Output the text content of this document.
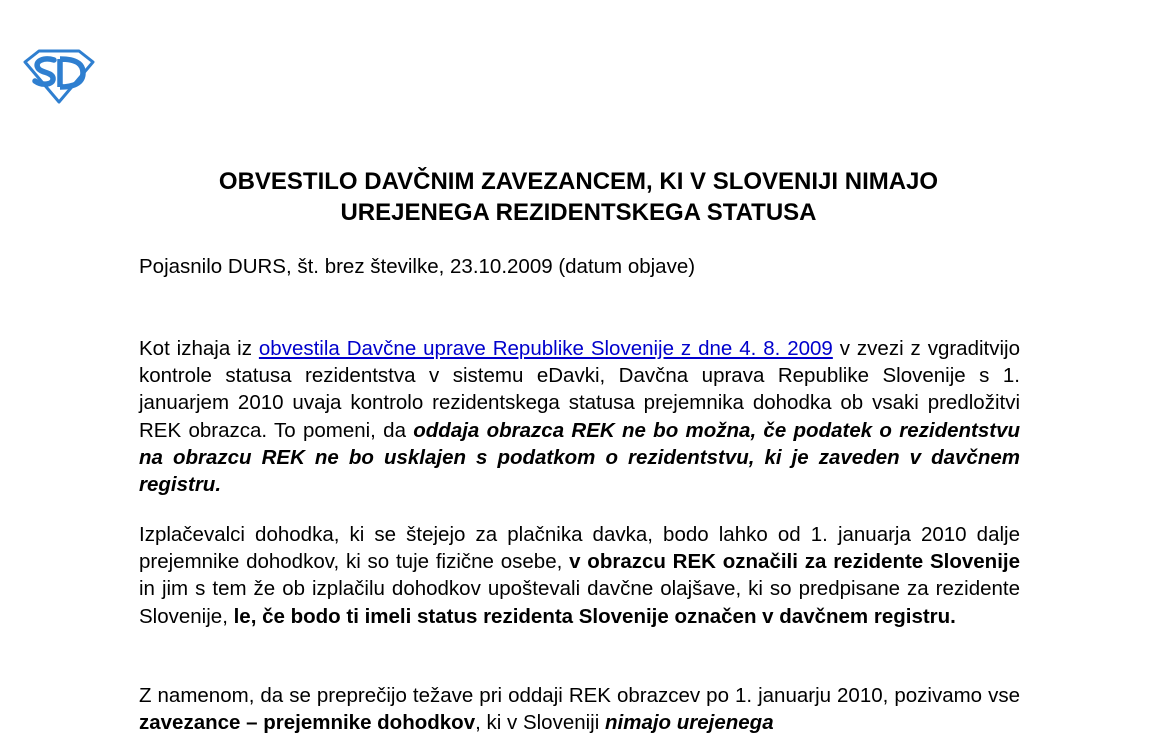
OBVESTILO DAVČNIM ZAVEZANCEM, KI V SLOVENIJI NIMAJO
UREJENEGA REZIDENTSKEGA STATUSA

Pojasnilo DURS, št. brez številke, 23.10.2009 (datum objave)

Kot izhaja iz obvestila Davčne uprave Republike Slovenije z dne 4. 8. 2009 v zvezi z vgraditvijo kontrole statusa rezidentstva v sistemu eDavki, Davčna uprava Republike Slovenije s 1. januarjem 2010 uvaja kontrolo rezidentskega statusa prejemnika dohodka ob vsaki predložitvi REK obrazca. To pomeni, da oddaja obrazca REK ne bo možna, če podatek o rezidentstvu na obrazcu REK ne bo usklajen s podatkom o rezidentstvu, ki je zaveden v davčnem registru.

Izplačevalci dohodka, ki se štejejo za plačnika davka, bodo lahko od 1. januarja 2010 dalje prejemnike dohodkov, ki so tuje fizične osebe, v obrazcu REK označili za rezidente Slovenije in jim s tem že ob izplačilu dohodkov upoštevali davčne olajšave, ki so predpisane za rezidente Slovenije, le, če bodo ti imeli status rezidenta Slovenije označen v davčnem registru.

Z namenom, da se preprečijo težave pri oddaji REK obrazcev po 1. januarju 2010, pozivamo vse zavezance – prejemnike dohodkov, ki v Sloveniji nimajo urejenega
